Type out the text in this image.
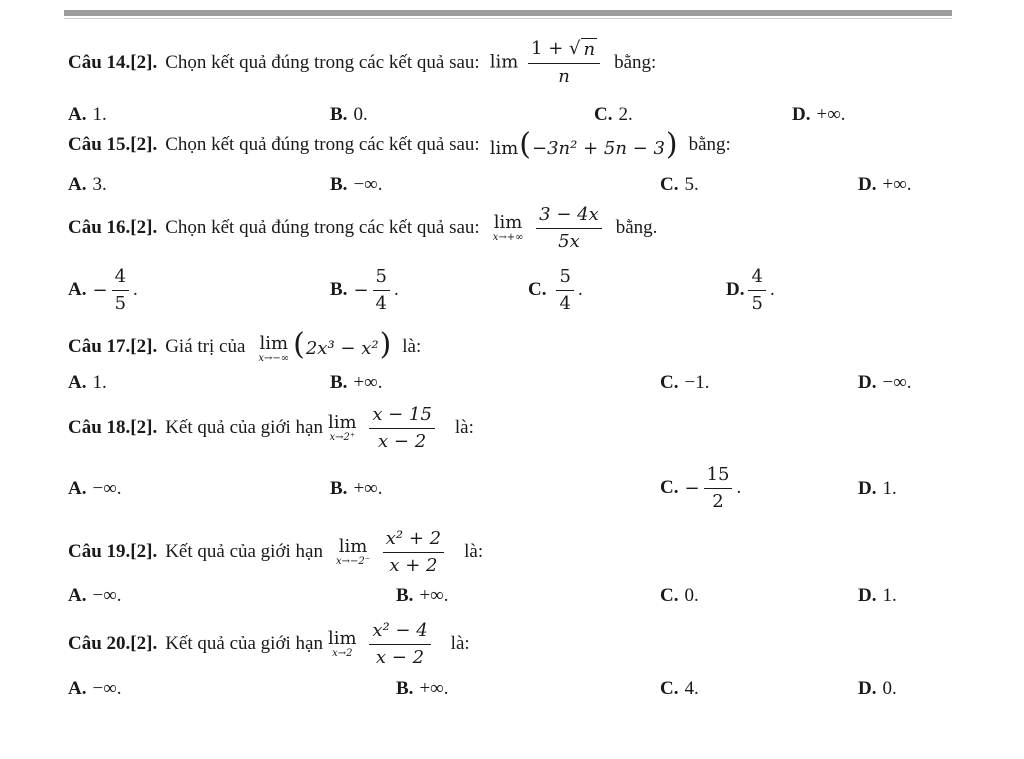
Câu 14.[2]. Chọn kết quả đúng trong các kết quả sau: $\lim \frac{1 + √ n}{n}$ bằng:
A. 1.	B. 0.	C. 2.	D. +∞.
Câu 15.[2]. Chọn kết quả đúng trong các kết quả sau: lim(−3n² + 5n − 3) bằng:
A. 3.	B. −∞.	C. 5.	D. +∞.
Câu 16.[2]. Chọn kết quả đúng trong các kết quả sau: lim
x→+∞
$\frac{3 - 4x}{5x}$ bằng.
A. − $\frac{4}{5}$ .	B. − $\frac{5}{4}$ .	C. $\frac{5}{4}$ .	D. $\frac{4}{5}$ .
Câu 17.[2]. Giá trị của lim
x→−∞ (2x³ − x²) là:
A. 1.	B. +∞.	C. −1.	D. −∞.
Câu 18.[2]. Kết quả của giới hạn lim
x→2⁺
$\frac{x - 15}{x - 2}$ là:
A. −∞.	B. +∞.	C. − $\frac{15}{2}$ .	D. 1.
Câu 19.[2]. Kết quả của giới hạn lim
x→−2⁻
$\frac{\text{x² + 2}}{x + 2}$ là:
A. −∞.	B. +∞.	C. 0.	D. 1.
Câu 20.[2]. Kết quả của giới hạn lim
x→2
$\frac{\text{x² − 4}}{x - 2}$ là:
A. −∞.	B. +∞.	C. 4.	D. 0.
